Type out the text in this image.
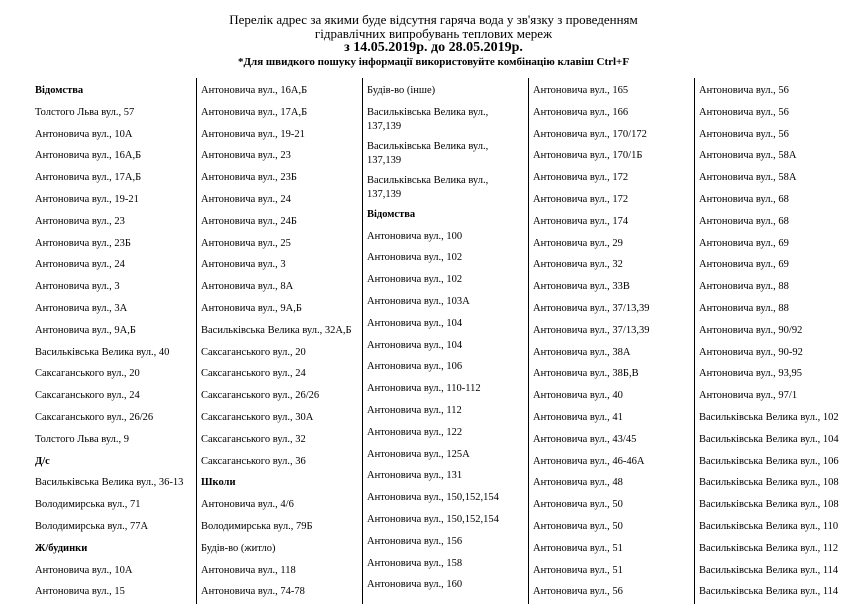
Перелік адрес за якими буде відсутня гаряча вода у зв'язку з проведенням
гідравлічних випробувань теплових мереж
з 14.05.2019р. до 28.05.2019р.
*Для швидкого пошуку інформації використовуйте комбінацію клавіш Ctrl+F
Відомства
Толстого Льва вул., 57
Антоновича вул., 10А
Антоновича вул., 16А,Б
Антоновича вул., 17А,Б
Антоновича вул., 19-21
Антоновича вул., 23
Антоновича вул., 23Б
Антоновича вул., 24
Антоновича вул., 3
Антоновича вул., 3А
Антоновича вул., 9А,Б
Васильківська Велика вул., 40
Саксаганського вул., 20
Саксаганського вул., 24
Саксаганського вул., 26/26
Толстого Льва вул., 9
Д/с
Васильківська Велика вул., 36-13
Володимирська вул., 71
Володимирська вул., 77А
Ж/будинки
Антоновича вул., 10А
Антоновича вул., 15
Антоновича вул., 16А,Б
Антоновича вул., 17А,Б
Антоновича вул., 19-21
Антоновича вул., 23
Антоновича вул., 23Б
Антоновича вул., 24
Антоновича вул., 24Б
Антоновича вул., 25
Антоновича вул., 3
Антоновича вул., 8А
Антоновича вул., 9А,Б
Васильківська Велика вул., 32А,Б
Саксаганського вул., 20
Саксаганського вул., 24
Саксаганського вул., 26/26
Саксаганського вул., 30А
Саксаганського вул., 32
Саксаганського вул., 36
Школи
Антоновича вул., 4/6
Володимирська вул., 79Б
Будів-во (житло)
Антоновича вул., 118
Антоновича вул., 74-78
Будів-во (інше)
Васильківська Велика вул., 137,139
Васильківська Велика вул., 137,139
Васильківська Велика вул., 137,139
Відомства
Антоновича вул., 100
Антоновича вул., 102
Антоновича вул., 102
Антоновича вул., 103А
Антоновича вул., 104
Антоновича вул., 104
Антоновича вул., 106
Антоновича вул., 110-112
Антоновича вул., 112
Антоновича вул., 122
Антоновича вул., 125А
Антоновича вул., 131
Антоновича вул., 150,152,154
Антоновича вул., 150,152,154
Антоновича вул., 156
Антоновича вул., 158
Антоновича вул., 160
Антоновича вул., 165
Антоновича вул., 166
Антоновича вул., 170/172
Антоновича вул., 170/1Б
Антоновича вул., 172
Антоновича вул., 172
Антоновича вул., 174
Антоновича вул., 29
Антоновича вул., 32
Антоновича вул., 33В
Антоновича вул., 37/13,39
Антоновича вул., 37/13,39
Антоновича вул., 38А
Антоновича вул., 38Б,В
Антоновича вул., 40
Антоновича вул., 41
Антоновича вул., 43/45
Антоновича вул., 46-46А
Антоновича вул., 48
Антоновича вул., 50
Антоновича вул., 50
Антоновича вул., 51
Антоновича вул., 51
Антоновича вул., 56
Антоновича вул., 56
Антоновича вул., 56
Антоновича вул., 56
Антоновича вул., 58А
Антоновича вул., 58А
Антоновича вул., 68
Антоновича вул., 68
Антоновича вул., 69
Антоновича вул., 69
Антоновича вул., 88
Антоновича вул., 88
Антоновича вул., 90/92
Антоновича вул., 90-92
Антоновича вул., 93,95
Антоновича вул., 97/1
Васильківська Велика вул., 102
Васильківська Велика вул., 104
Васильківська Велика вул., 106
Васильківська Велика вул., 108
Васильківська Велика вул., 108
Васильківська Велика вул., 110
Васильківська Велика вул., 112
Васильківська Велика вул., 114
Васильківська Велика вул., 114
